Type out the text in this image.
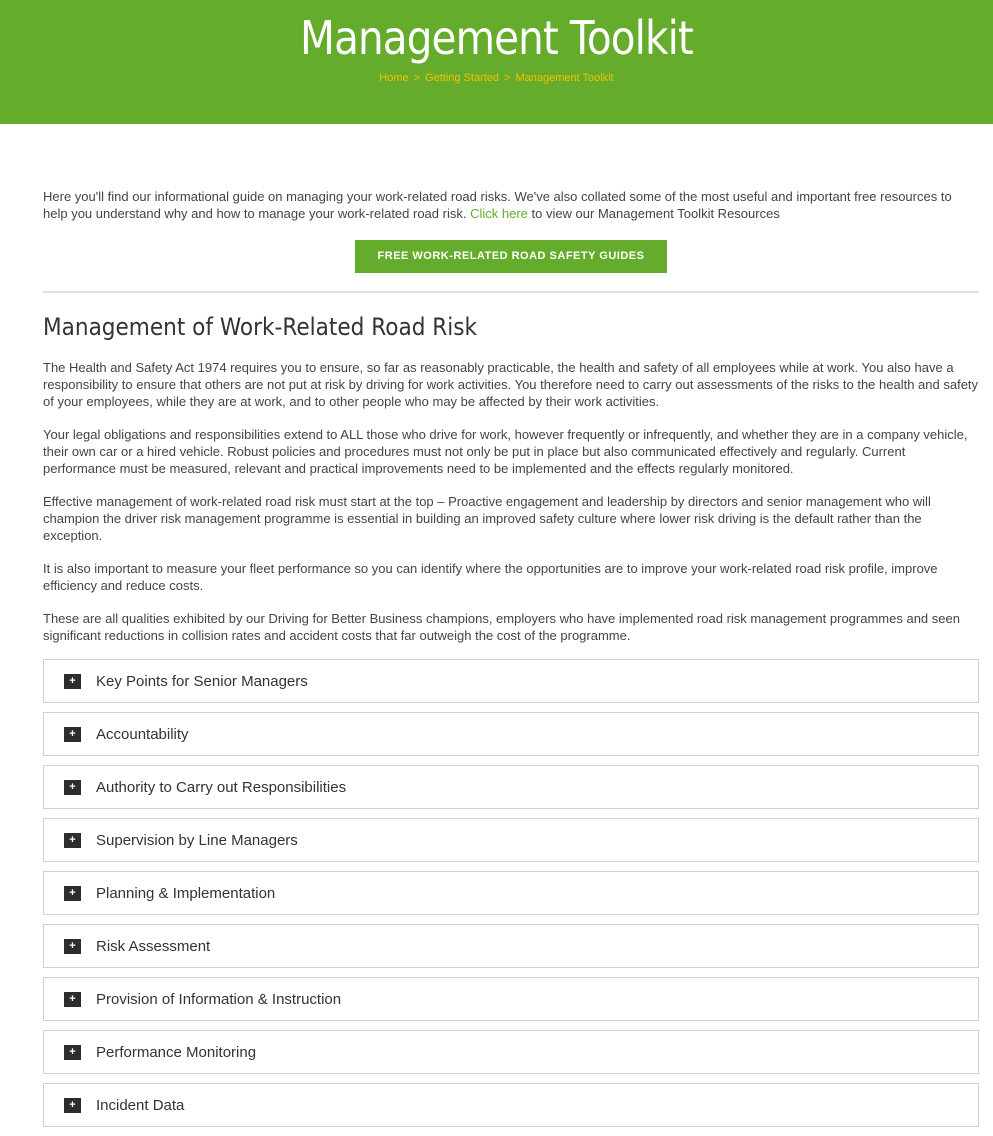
Management Toolkit
Home > Getting Started > Management Toolkit

Here you'll find our informational guide on managing your work-related road risks. We've also collated some of the most useful and important free resources to help you understand why and how to manage your work-related road risk. Click here to view our Management Toolkit Resources

FREE WORK-RELATED ROAD SAFETY GUIDES
Management of Work-Related Road Risk

The Health and Safety Act 1974 requires you to ensure, so far as reasonably practicable, the health and safety of all employees while at work. You also have a responsibility to ensure that others are not put at risk by driving for work activities. You therefore need to carry out assessments of the risks to the health and safety of your employees, while they are at work, and to other people who may be affected by their work activities.

Your legal obligations and responsibilities extend to ALL those who drive for work, however frequently or infrequently, and whether they are in a company vehicle, their own car or a hired vehicle. Robust policies and procedures must not only be put in place but also communicated effectively and regularly. Current performance must be measured, relevant and practical improvements need to be implemented and the effects regularly monitored.

Effective management of work-related road risk must start at the top – Proactive engagement and leadership by directors and senior management who will champion the driver risk management programme is essential in building an improved safety culture where lower risk driving is the default rather than the exception.

It is also important to measure your fleet performance so you can identify where the opportunities are to improve your work-related road risk profile, improve efficiency and reduce costs.

These are all qualities exhibited by our Driving for Better Business champions, employers who have implemented road risk management programmes and seen significant reductions in collision rates and accident costs that far outweigh the cost of the programme.

+	Key Points for Senior Managers
+	Accountability
+	Authority to Carry out Responsibilities
+	Supervision by Line Managers
+	Planning & Implementation
+	Risk Assessment
+	Provision of Information & Instruction
+	Performance Monitoring
+	Incident Data
